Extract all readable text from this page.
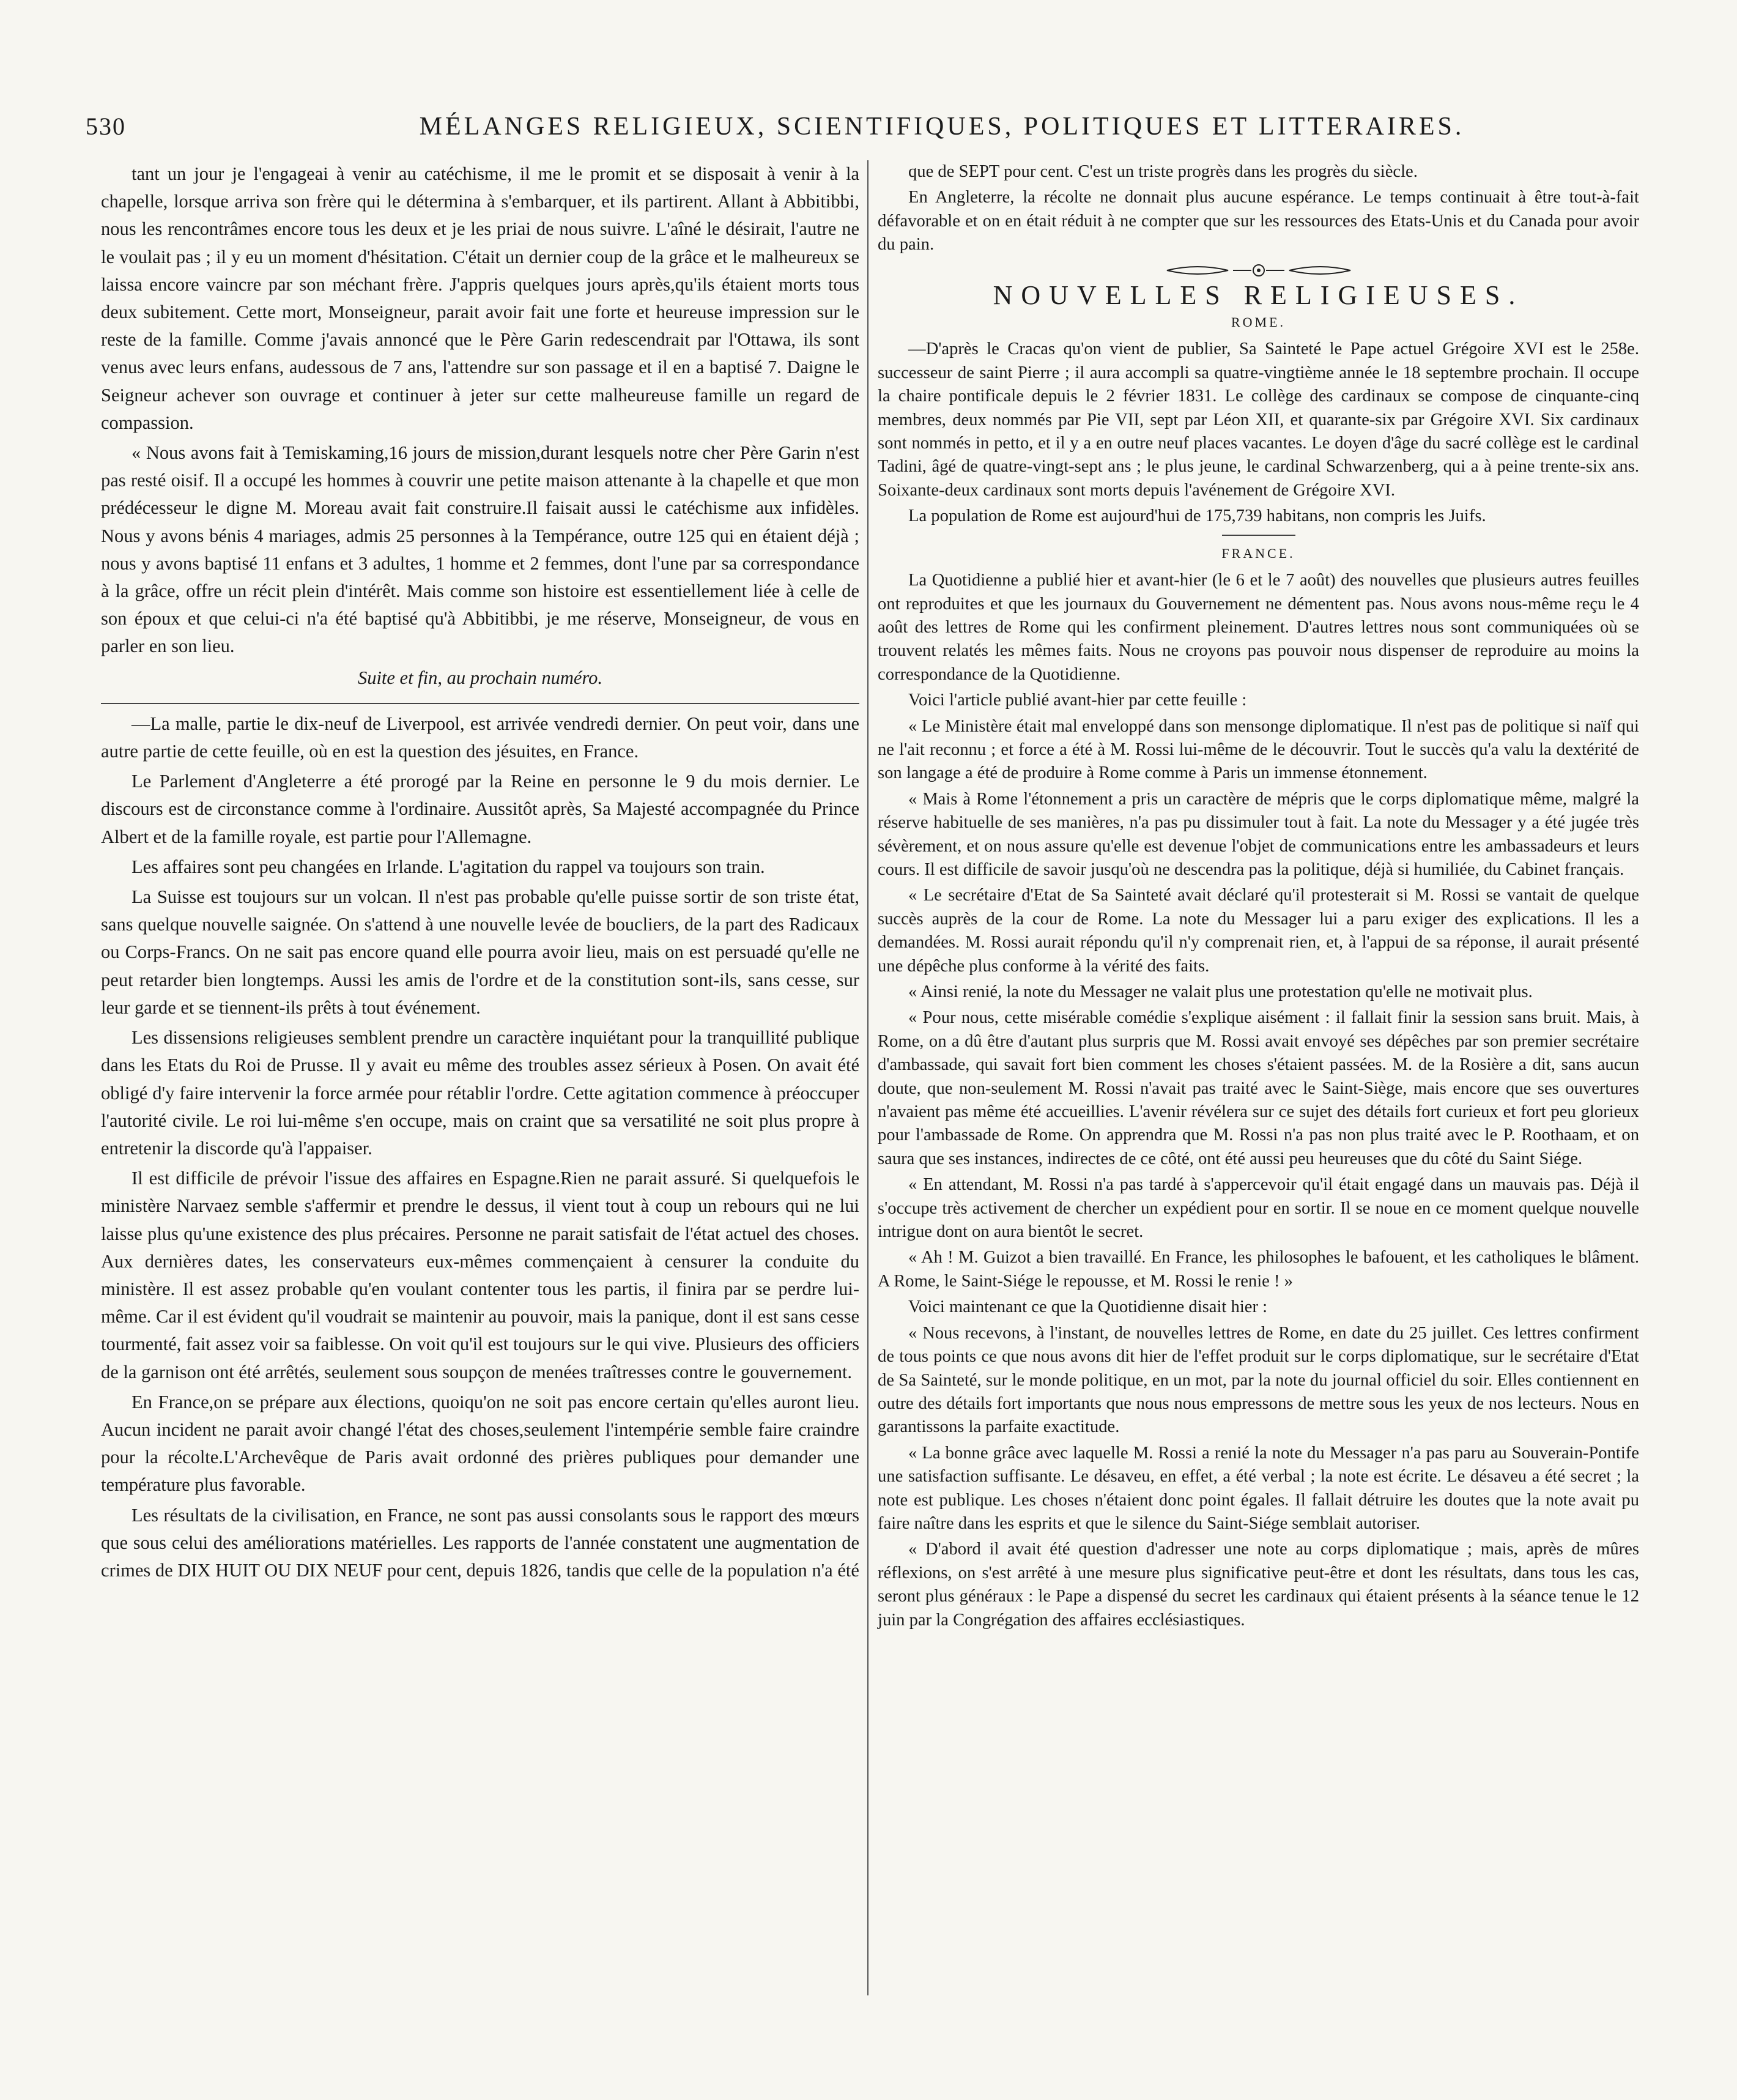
530	MÉLANGES RELIGIEUX, SCIENTIFIQUES, POLITIQUES ET LITTERAIRES.

tant un jour je l'engageai à venir au catéchisme, il me le promit et se disposait à venir à la chapelle, lorsque arriva son frère qui le détermina à s'embarquer, et ils partirent. Allant à Abbitibbi, nous les rencontrâmes encore tous les deux et je les priai de nous suivre. L'aîné le désirait, l'autre ne le voulait pas ; il y eu un moment d'hésitation. C'était un dernier coup de la grâce et le malheureux se laissa encore vaincre par son méchant frère. J'appris quelques jours après,qu'ils étaient morts tous deux subitement. Cette mort, Monseigneur, parait avoir fait une forte et heureuse impression sur le reste de la famille. Comme j'avais annoncé que le Père Garin redescendrait par l'Ottawa, ils sont venus avec leurs enfans, audessous de 7 ans, l'attendre sur son passage et il en a baptisé 7. Daigne le Seigneur achever son ouvrage et continuer à jeter sur cette malheureuse famille un regard de compassion.

« Nous avons fait à Temiskaming,16 jours de mission,durant lesquels notre cher Père Garin n'est pas resté oisif. Il a occupé les hommes à couvrir une petite maison attenante à la chapelle et que mon prédécesseur le digne M. Moreau avait fait construire.Il faisait aussi le catéchisme aux infidèles. Nous y avons bénis 4 mariages, admis 25 personnes à la Tempérance, outre 125 qui en étaient déjà ; nous y avons baptisé 11 enfans et 3 adultes, 1 homme et 2 femmes, dont l'une par sa correspondance à la grâce, offre un récit plein d'intérêt. Mais comme son histoire est essentiellement liée à celle de son époux et que celui-ci n'a été baptisé qu'à Abbitibbi, je me réserve, Monseigneur, de vous en parler en son lieu.

Suite et fin, au prochain numéro.

—La malle, partie le dix-neuf de Liverpool, est arrivée vendredi dernier. On peut voir, dans une autre partie de cette feuille, où en est la question des jésuites, en France.

Le Parlement d'Angleterre a été prorogé par la Reine en personne le 9 du mois dernier. Le discours est de circonstance comme à l'ordinaire. Aussitôt après, Sa Majesté accompagnée du Prince Albert et de la famille royale, est partie pour l'Allemagne.

Les affaires sont peu changées en Irlande. L'agitation du rappel va toujours son train.

La Suisse est toujours sur un volcan. Il n'est pas probable qu'elle puisse sortir de son triste état, sans quelque nouvelle saignée. On s'attend à une nouvelle levée de boucliers, de la part des Radicaux ou Corps-Francs. On ne sait pas encore quand elle pourra avoir lieu, mais on est persuadé qu'elle ne peut retarder bien longtemps. Aussi les amis de l'ordre et de la constitution sont-ils, sans cesse, sur leur garde et se tiennent-ils prêts à tout événement.

Les dissensions religieuses semblent prendre un caractère inquiétant pour la tranquillité publique dans les Etats du Roi de Prusse. Il y avait eu même des troubles assez sérieux à Posen. On avait été obligé d'y faire intervenir la force armée pour rétablir l'ordre. Cette agitation commence à préoccuper l'autorité civile. Le roi lui-même s'en occupe, mais on craint que sa versatilité ne soit plus propre à entretenir la discorde qu'à l'appaiser.

Il est difficile de prévoir l'issue des affaires en Espagne.Rien ne parait assuré. Si quelquefois le ministère Narvaez semble s'affermir et prendre le dessus, il vient tout à coup un rebours qui ne lui laisse plus qu'une existence des plus précaires. Personne ne parait satisfait de l'état actuel des choses. Aux dernières dates, les conservateurs eux-mêmes commençaient à censurer la conduite du ministère. Il est assez probable qu'en voulant contenter tous les partis, il finira par se perdre lui-même. Car il est évident qu'il voudrait se maintenir au pouvoir, mais la panique, dont il est sans cesse tourmenté, fait assez voir sa faiblesse. On voit qu'il est toujours sur le qui vive. Plusieurs des officiers de la garnison ont été arrêtés, seulement sous soupçon de menées traîtresses contre le gouvernement.

En France,on se prépare aux élections, quoiqu'on ne soit pas encore certain qu'elles auront lieu. Aucun incident ne parait avoir changé l'état des choses,seulement l'intempérie semble faire craindre pour la récolte.L'Archevêque de Paris avait ordonné des prières publiques pour demander une température plus favorable.

Les résultats de la civilisation, en France, ne sont pas aussi consolants sous le rapport des mœurs que sous celui des améliorations matérielles. Les rapports de l'année constatent une augmentation de crimes de DIX HUIT OU DIX NEUF pour cent, depuis 1826, tandis que celle de la population n'a été

que de SEPT pour cent. C'est un triste progrès dans les progrès du siècle.

En Angleterre, la récolte ne donnait plus aucune espérance. Le temps continuait à être tout-à-fait défavorable et on en était réduit à ne compter que sur les ressources des Etats-Unis et du Canada pour avoir du pain.

NOUVELLES RELIGIEUSES.

ROME.

—D'après le Cracas qu'on vient de publier, Sa Sainteté le Pape actuel Grégoire XVI est le 258e. successeur de saint Pierre ; il aura accompli sa quatre-vingtième année le 18 septembre prochain. Il occupe la chaire pontificale depuis le 2 février 1831. Le collège des cardinaux se compose de cinquante-cinq membres, deux nommés par Pie VII, sept par Léon XII, et quarante-six par Grégoire XVI. Six cardinaux sont nommés in petto, et il y a en outre neuf places vacantes. Le doyen d'âge du sacré collège est le cardinal Tadini, âgé de quatre-vingt-sept ans ; le plus jeune, le cardinal Schwarzenberg, qui a à peine trente-six ans. Soixante-deux cardinaux sont morts depuis l'avénement de Grégoire XVI.

La population de Rome est aujourd'hui de 175,739 habitans, non compris les Juifs.

FRANCE.

La Quotidienne a publié hier et avant-hier (le 6 et le 7 août) des nouvelles que plusieurs autres feuilles ont reproduites et que les journaux du Gouvernement ne démentent pas. Nous avons nous-même reçu le 4 août des lettres de Rome qui les confirment pleinement. D'autres lettres nous sont communiquées où se trouvent relatés les mêmes faits. Nous ne croyons pas pouvoir nous dispenser de reproduire au moins la correspondance de la Quotidienne.

Voici l'article publié avant-hier par cette feuille :

« Le Ministère était mal enveloppé dans son mensonge diplomatique. Il n'est pas de politique si naïf qui ne l'ait reconnu ; et force a été à M. Rossi lui-même de le découvrir. Tout le succès qu'a valu la dextérité de son langage a été de produire à Rome comme à Paris un immense étonnement.

« Mais à Rome l'étonnement a pris un caractère de mépris que le corps diplomatique même, malgré la réserve habituelle de ses manières, n'a pas pu dissimuler tout à fait. La note du Messager y a été jugée très sévèrement, et on nous assure qu'elle est devenue l'objet de communications entre les ambassadeurs et leurs cours. Il est difficile de savoir jusqu'où ne descendra pas la politique, déjà si humiliée, du Cabinet français.

« Le secrétaire d'Etat de Sa Sainteté avait déclaré qu'il protesterait si M. Rossi se vantait de quelque succès auprès de la cour de Rome. La note du Messager lui a paru exiger des explications. Il les a demandées. M. Rossi aurait répondu qu'il n'y comprenait rien, et, à l'appui de sa réponse, il aurait présenté une dépêche plus conforme à la vérité des faits.

« Ainsi renié, la note du Messager ne valait plus une protestation qu'elle ne motivait plus.

« Pour nous, cette misérable comédie s'explique aisément : il fallait finir la session sans bruit. Mais, à Rome, on a dû être d'autant plus surpris que M. Rossi avait envoyé ses dépêches par son premier secrétaire d'ambassade, qui savait fort bien comment les choses s'étaient passées. M. de la Rosière a dit, sans aucun doute, que non-seulement M. Rossi n'avait pas traité avec le Saint-Siège, mais encore que ses ouvertures n'avaient pas même été accueillies. L'avenir révélera sur ce sujet des détails fort curieux et fort peu glorieux pour l'ambassade de Rome. On apprendra que M. Rossi n'a pas non plus traité avec le P. Roothaam, et on saura que ses instances, indirectes de ce côté, ont été aussi peu heureuses que du côté du Saint Siége.

« En attendant, M. Rossi n'a pas tardé à s'appercevoir qu'il était engagé dans un mauvais pas. Déjà il s'occupe très activement de chercher un expédient pour en sortir. Il se noue en ce moment quelque nouvelle intrigue dont on aura bientôt le secret.

« Ah ! M. Guizot a bien travaillé. En France, les philosophes le bafouent, et les catholiques le blâment. A Rome, le Saint-Siége le repousse, et M. Rossi le renie ! »

Voici maintenant ce que la Quotidienne disait hier :

« Nous recevons, à l'instant, de nouvelles lettres de Rome, en date du 25 juillet. Ces lettres confirment de tous points ce que nous avons dit hier de l'effet produit sur le corps diplomatique, sur le secrétaire d'Etat de Sa Sainteté, sur le monde politique, en un mot, par la note du journal officiel du soir. Elles contiennent en outre des détails fort importants que nous nous empressons de mettre sous les yeux de nos lecteurs. Nous en garantissons la parfaite exactitude.

« La bonne grâce avec laquelle M. Rossi a renié la note du Messager n'a pas paru au Souverain-Pontife une satisfaction suffisante. Le désaveu, en effet, a été verbal ; la note est écrite. Le désaveu a été secret ; la note est publique. Les choses n'étaient donc point égales. Il fallait détruire les doutes que la note avait pu faire naître dans les esprits et que le silence du Saint-Siége semblait autoriser.

« D'abord il avait été question d'adresser une note au corps diplomatique ; mais, après de mûres réflexions, on s'est arrêté à une mesure plus significative peut-être et dont les résultats, dans tous les cas, seront plus généraux : le Pape a dispensé du secret les cardinaux qui étaient présents à la séance tenue le 12 juin par la Congrégation des affaires ecclésiastiques.
